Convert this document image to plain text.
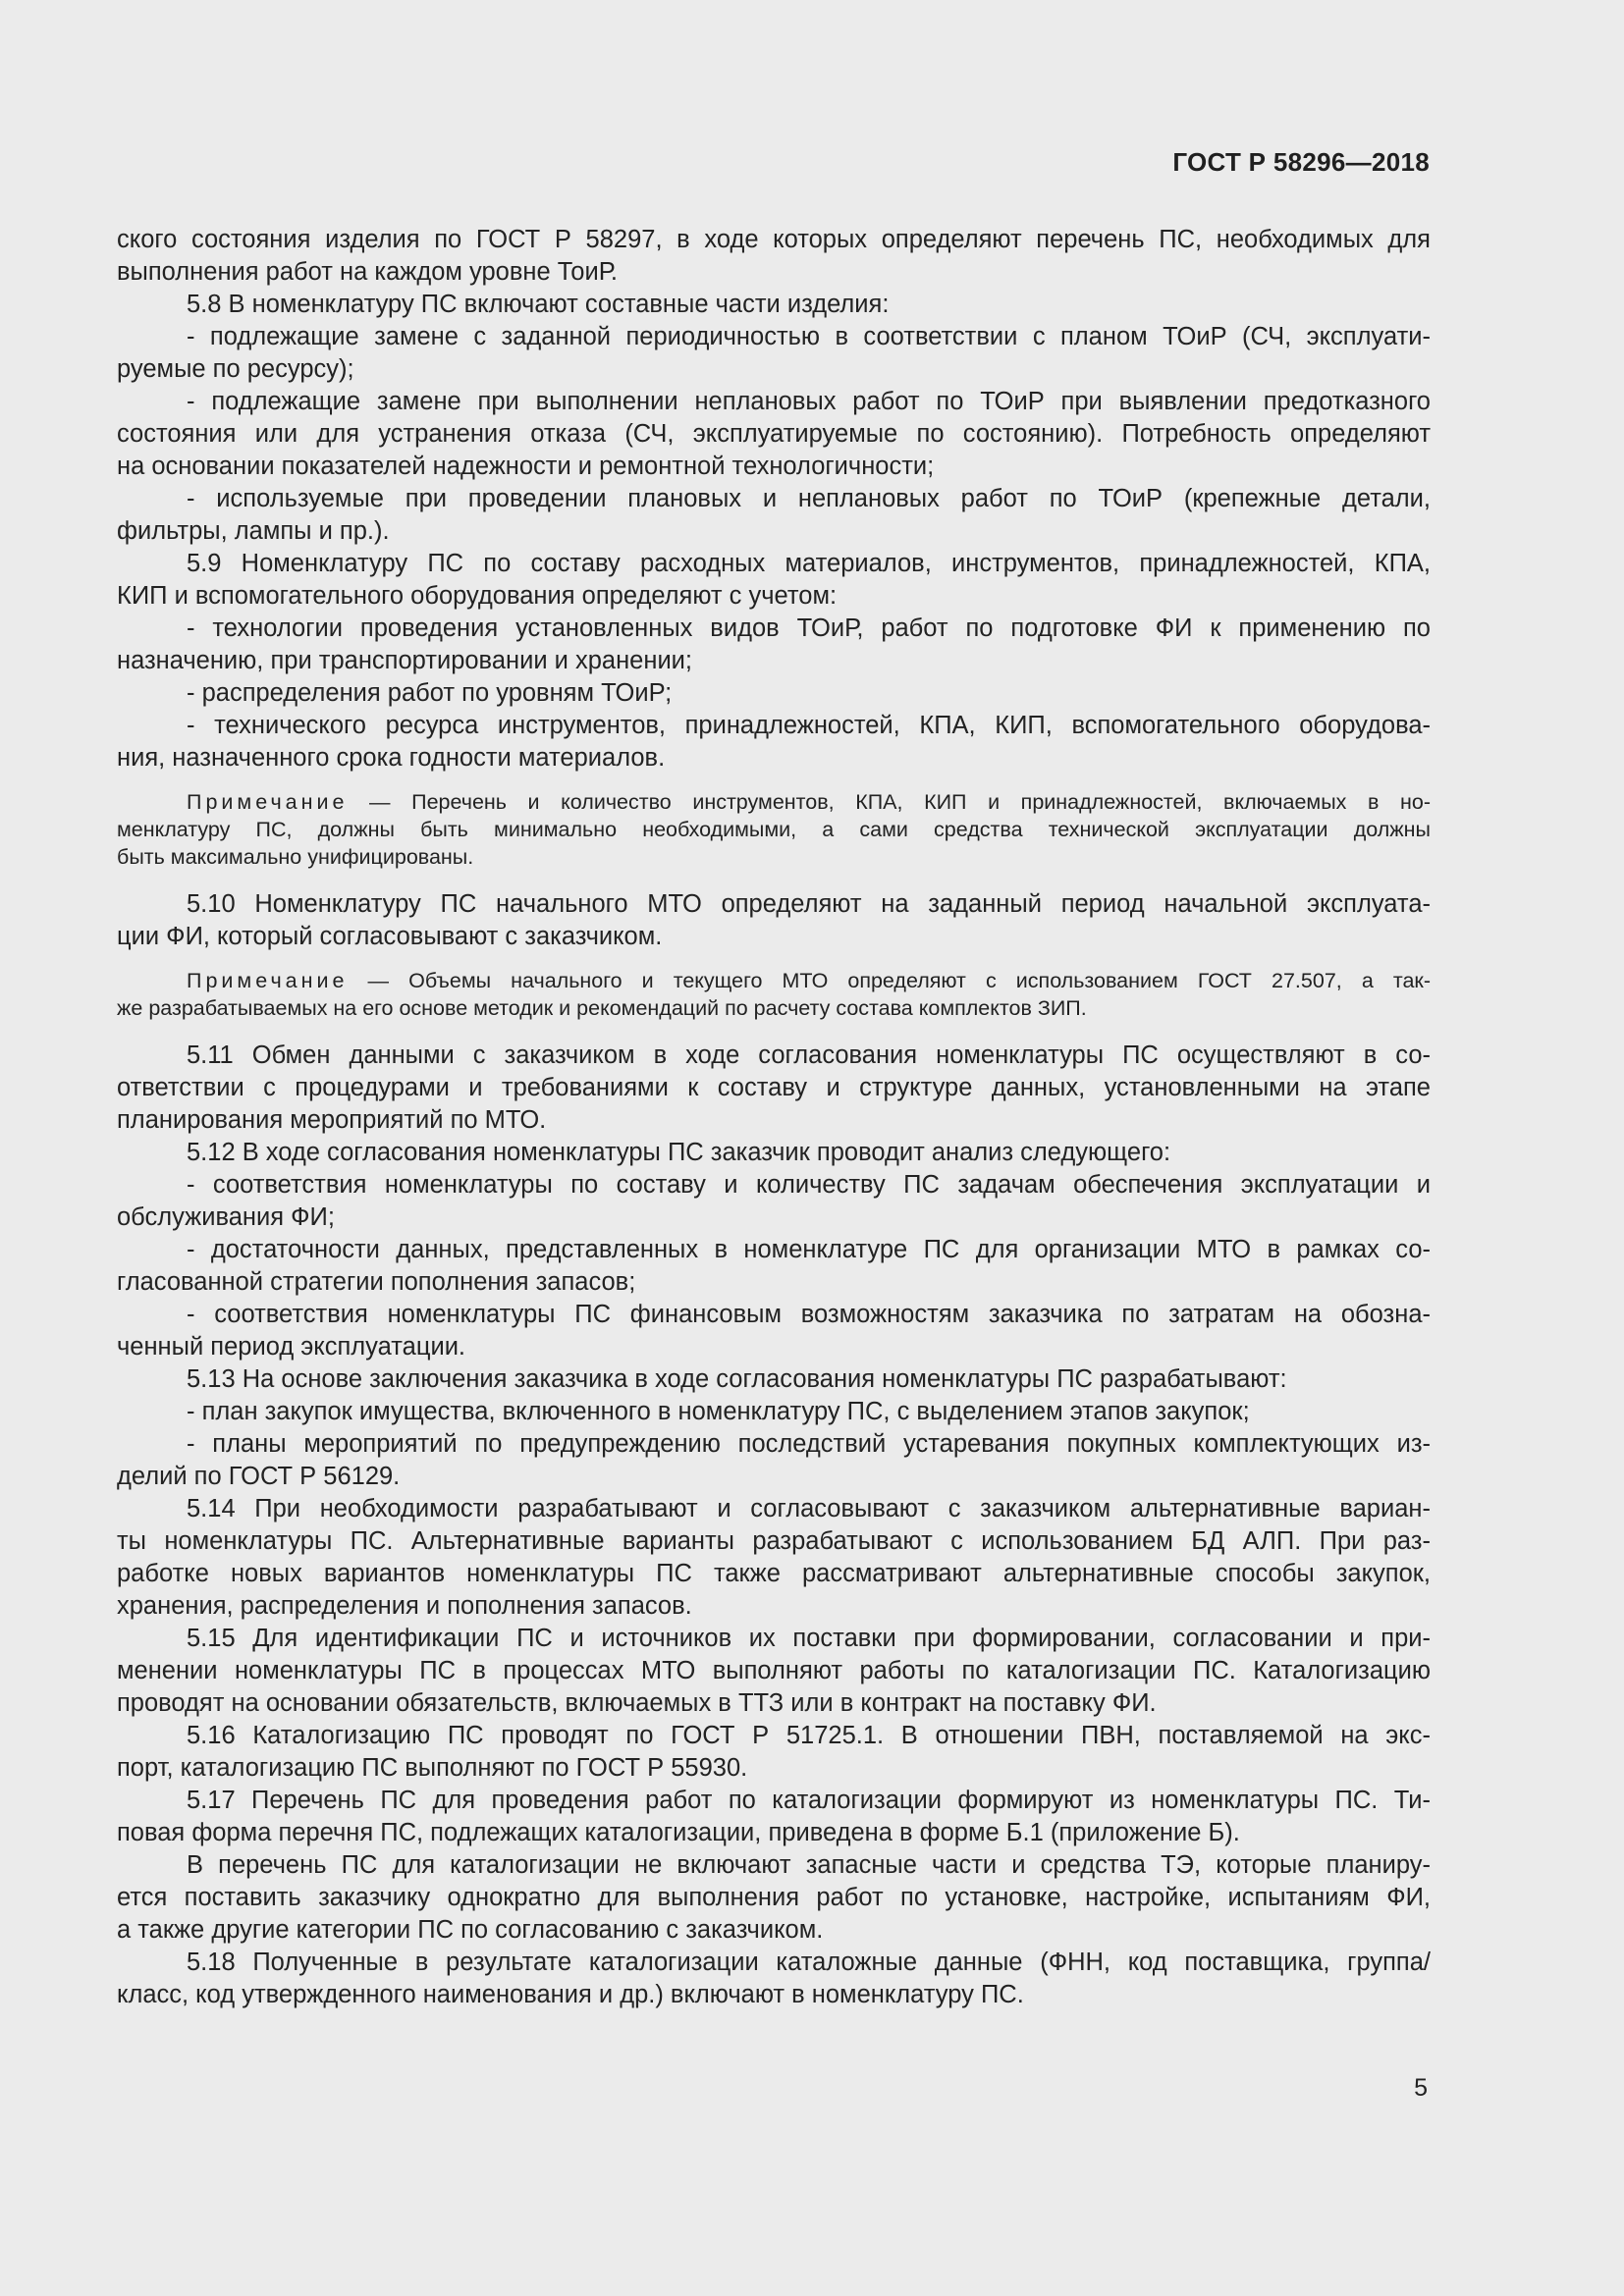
ГОСТ Р 58296—2018
ского состояния изделия по ГОСТ Р 58297, в ходе которых определяют перечень ПС, необходимых для
выполнения работ на каждом уровне ТоиР.
5.8 В номенклатуру ПС включают составные части изделия:
- подлежащие замене с заданной периодичностью в соответствии с планом ТОиР (СЧ, эксплуати-
руемые по ресурсу);
- подлежащие замене при выполнении неплановых работ по ТОиР при выявлении предотказного
состояния или для устранения отказа (СЧ, эксплуатируемые по состоянию). Потребность определяют
на основании показателей надежности и ремонтной технологичности;
- используемые при проведении плановых и неплановых работ по ТОиР (крепежные детали,
фильтры, лампы и пр.).
5.9 Номенклатуру ПС по составу расходных материалов, инструментов, принадлежностей, КПА,
КИП и вспомогательного оборудования определяют с учетом:
- технологии проведения установленных видов ТОиР, работ по подготовке ФИ к применению по
назначению, при транспортировании и хранении;
- распределения работ по уровням ТОиР;
- технического ресурса инструментов, принадлежностей, КПА, КИП, вспомогательного оборудова-
ния, назначенного срока годности материалов.
Примечание — Перечень и количество инструментов, КПА, КИП и принадлежностей, включаемых в но-
менклатуру ПС, должны быть минимально необходимыми, а сами средства технической эксплуатации должны
быть максимально унифицированы.
5.10 Номенклатуру ПС начального МТО определяют на заданный период начальной эксплуата-
ции ФИ, который согласовывают с заказчиком.
Примечание — Объемы начального и текущего МТО определяют с использованием ГОСТ 27.507, а так-
же разрабатываемых на его основе методик и рекомендаций по расчету состава комплектов ЗИП.
5.11 Обмен данными с заказчиком в ходе согласования номенклатуры ПС осуществляют в со-
ответствии с процедурами и требованиями к составу и структуре данных, установленными на этапе
планирования мероприятий по МТО.
5.12 В ходе согласования номенклатуры ПС заказчик проводит анализ следующего:
- соответствия номенклатуры по составу и количеству ПС задачам обеспечения эксплуатации и
обслуживания ФИ;
- достаточности данных, представленных в номенклатуре ПС для организации МТО в рамках со-
гласованной стратегии пополнения запасов;
- соответствия номенклатуры ПС финансовым возможностям заказчика по затратам на обозна-
ченный период эксплуатации.
5.13 На основе заключения заказчика в ходе согласования номенклатуры ПС разрабатывают:
- план закупок имущества, включенного в номенклатуру ПС, с выделением этапов закупок;
- планы мероприятий по предупреждению последствий устаревания покупных комплектующих из-
делий по ГОСТ Р 56129.
5.14 При необходимости разрабатывают и согласовывают с заказчиком альтернативные вариан-
ты номенклатуры ПС. Альтернативные варианты разрабатывают с использованием БД АЛП. При раз-
работке новых вариантов номенклатуры ПС также рассматривают альтернативные способы закупок,
хранения, распределения и пополнения запасов.
5.15 Для идентификации ПС и источников их поставки при формировании, согласовании и при-
менении номенклатуры ПС в процессах МТО выполняют работы по каталогизации ПС. Каталогизацию
проводят на основании обязательств, включаемых в ТТЗ или в контракт на поставку ФИ.
5.16 Каталогизацию ПС проводят по ГОСТ Р 51725.1. В отношении ПВН, поставляемой на экс-
порт, каталогизацию ПС выполняют по ГОСТ Р 55930.
5.17 Перечень ПС для проведения работ по каталогизации формируют из номенклатуры ПС. Ти-
повая форма перечня ПС, подлежащих каталогизации, приведена в форме Б.1 (приложение Б).
В перечень ПС для каталогизации не включают запасные части и средства ТЭ, которые планиру-
ется поставить заказчику однократно для выполнения работ по установке, настройке, испытаниям ФИ,
а также другие категории ПС по согласованию с заказчиком.
5.18 Полученные в результате каталогизации каталожные данные (ФНН, код поставщика, группа/
класс, код утвержденного наименования и др.) включают в номенклатуру ПС.
5
